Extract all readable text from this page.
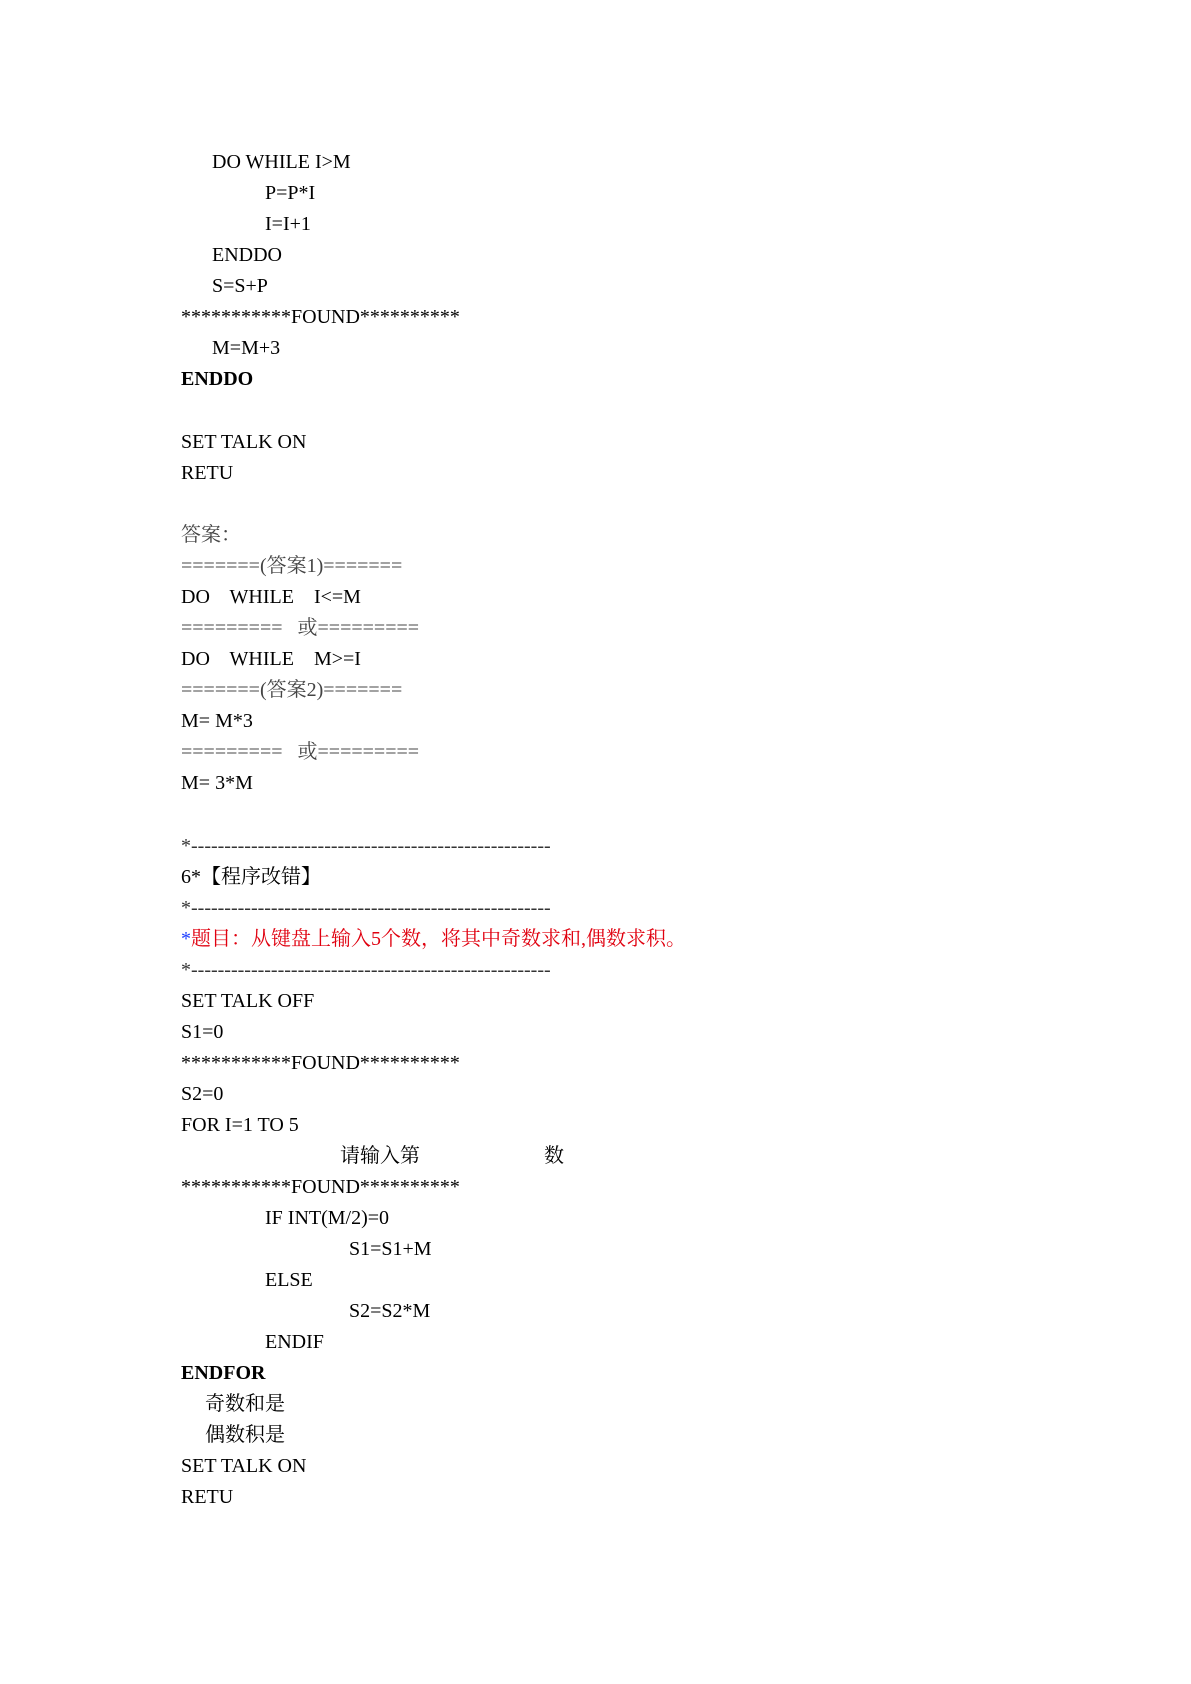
DO WHILE I>M
P=P*I
I=I+1
ENDDO
S=S+P
***********FOUND**********
M=M+3
ENDDO
SET TALK ON
RETU
答案：
=======(答案1)=======
DO    WHILE    I<=M
=========   或=========
DO    WHILE    M>=I
=======(答案2)=======
M= M*3
=========   或=========
M= 3*M
*------------------------------------------------------
6*【程序改错】
*------------------------------------------------------
*题目：从键盘上输入5个数，将其中奇数求和,偶数求积。
*------------------------------------------------------
SET TALK OFF
S1=0
***********FOUND**********
S2=0
FOR I=1 TO 5
请输入第	数
***********FOUND**********
IF INT(M/2)=0
S1=S1+M
ELSE
S2=S2*M
ENDIF
ENDFOR
奇数和是
偶数积是
SET TALK ON
RETU
